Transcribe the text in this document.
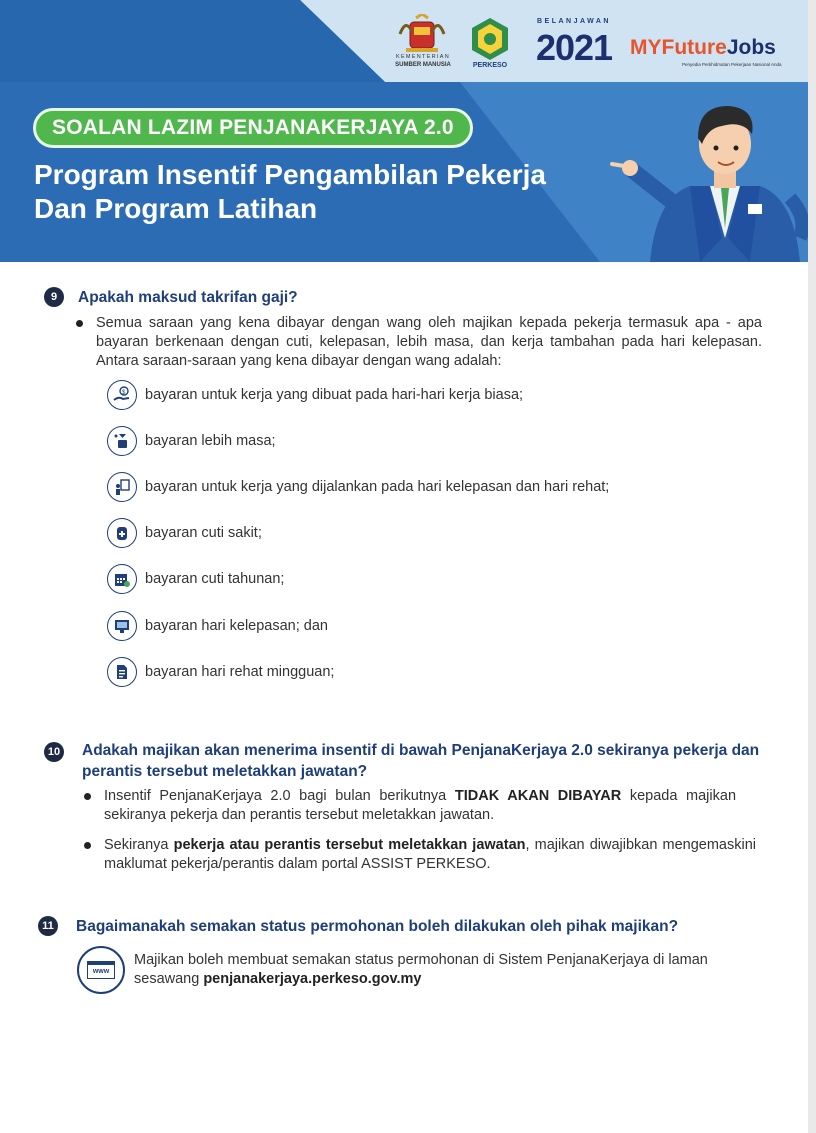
KEMENTERIAN
SUMBER MANUSIA	PERKESO
BELANJAWAN
2021 MYFutureJobs
Penyedia Perkhidmatan Pekerjaan Nasional Anda
SOALAN LAZIM PENJANAKERJAYA 2.0
Program Insentif Pengambilan Pekerja
Dan Program Latihan
9	Apakah maksud takrifan gaji?
Semua saraan yang kena dibayar dengan wang oleh majikan kepada pekerja termasuk apa - apa bayaran berkenaan dengan cuti, kelepasan, lebih masa, dan kerja tambahan pada hari kelepasan. Antara saraan-saraan yang kena dibayar dengan wang adalah:
$ bayaran untuk kerja yang dibuat pada hari-hari kerja biasa;
bayaran lebih masa;
bayaran untuk kerja yang dijalankan pada hari kelepasan dan hari rehat;
bayaran cuti sakit;
bayaran cuti tahunan;
bayaran hari kelepasan; dan
bayaran hari rehat mingguan;
10 Adakah majikan akan menerima insentif di bawah PenjanaKerjaya 2.0 sekiranya pekerja dan
perantis tersebut meletakkan jawatan?
Insentif PenjanaKerjaya 2.0 bagi bulan berikutnya TIDAK AKAN DIBAYAR kepada majikan sekiranya pekerja dan perantis tersebut meletakkan jawatan.
Sekiranya pekerja atau perantis tersebut meletakkan jawatan, majikan diwajibkan mengemaskini maklumat pekerja/perantis dalam portal ASSIST PERKESO.
11 Bagaimanakah semakan status permohonan boleh dilakukan oleh pihak majikan?
www
Majikan boleh membuat semakan status permohonan di Sistem PenjanaKerjaya di laman sesawang penjanakerjaya.perkeso.gov.my
